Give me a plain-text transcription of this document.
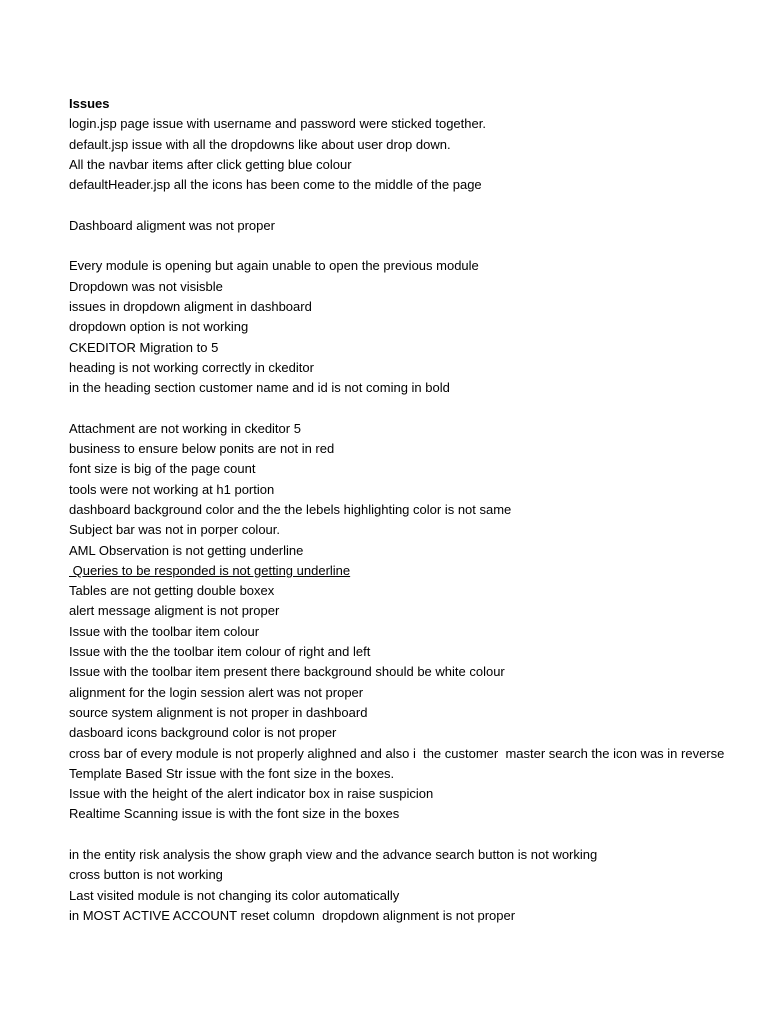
Issues
login.jsp page issue with username and password were sticked together.
default.jsp issue with all the dropdowns like about user drop down.
All the navbar items after click getting blue colour
defaultHeader.jsp all the icons has been come to the middle of the page
Dashboard aligment was not proper
Every module is opening but again unable to open the previous module
Dropdown was not visisble
issues in dropdown aligment in dashboard
dropdown option is not working
CKEDITOR Migration to 5
heading is not working correctly in ckeditor
in the heading section customer name and id is not coming in bold
Attachment are not working in ckeditor 5
business to ensure below ponits are not in red
font size is big of the page count
tools were not working at h1 portion
dashboard background color and the the lebels highlighting color is not same
Subject bar was not in porper colour.
AML Observation is not getting underline
Queries to be responded is not getting underline
Tables are not getting double boxex
alert message aligment is not proper
Issue with the toolbar item colour
Issue with the the toolbar item colour of right and left
Issue with the toolbar item present there background should be white colour
alignment for the login session alert was not proper
source system alignment is not proper in dashboard
dasboard icons background color is not proper
cross bar of every module is not properly alighned and also i  the customer  master search the icon was in reverse
Template Based Str issue with the font size in the boxes.
Issue with the height of the alert indicator box in raise suspicion
Realtime Scanning issue is with the font size in the boxes
in the entity risk analysis the show graph view and the advance search button is not working
cross button is not working
Last visited module is not changing its color automatically
in MOST ACTIVE ACCOUNT reset column  dropdown alignment is not proper
